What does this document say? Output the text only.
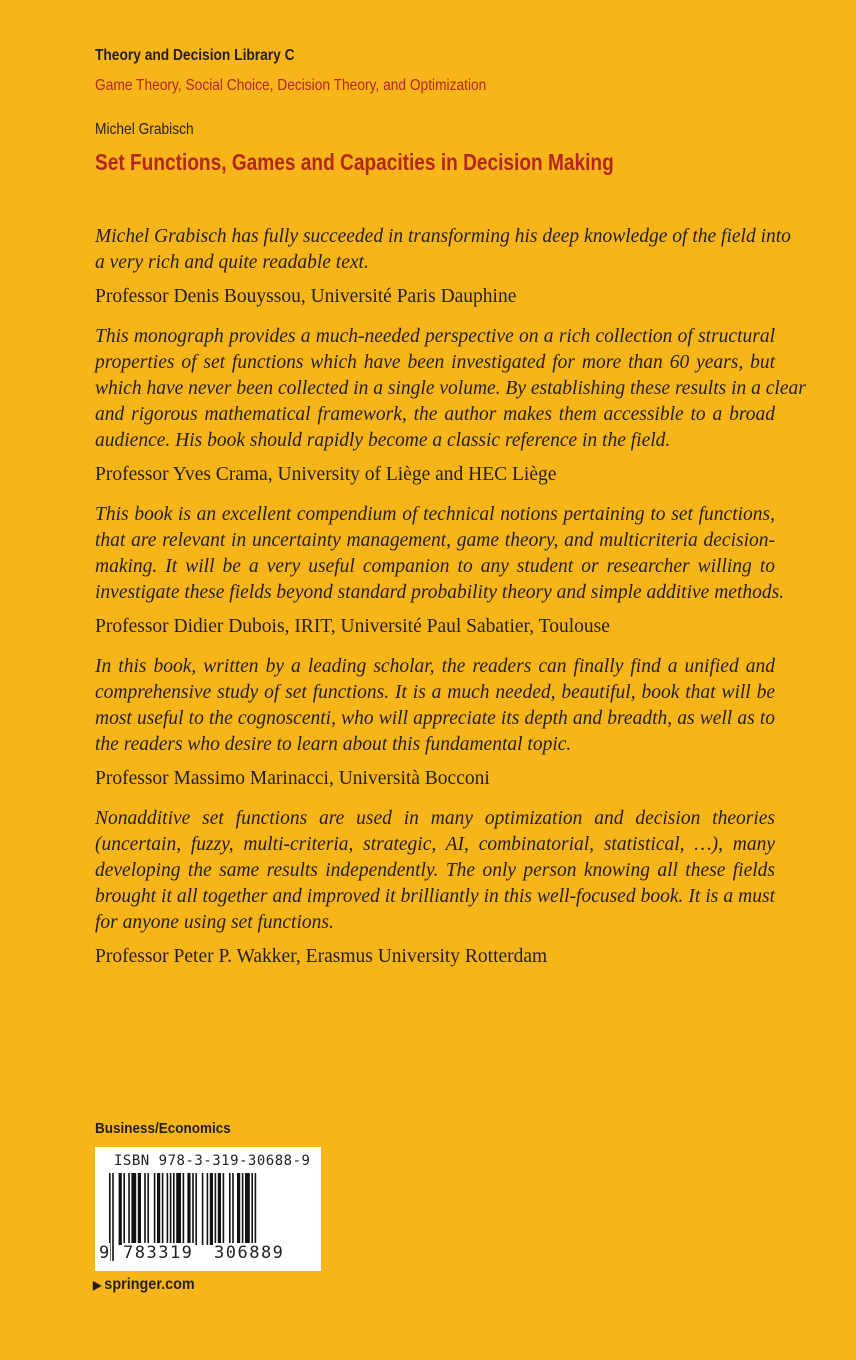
Theory and Decision Library C
Game Theory, Social Choice, Decision Theory, and Optimization
Michel Grabisch
Set Functions, Games and Capacities in Decision Making
Michel Grabisch has fully succeeded in transforming his deep knowledge of the field into
a very rich and quite readable text.
Professor Denis Bouyssou, Université Paris Dauphine
This monograph provides a much-needed perspective on a rich collection of structural
properties of set functions which have been investigated for more than 60 years, but
which have never been collected in a single volume. By establishing these results in a clear
and rigorous mathematical framework, the author makes them accessible to a broad
audience. His book should rapidly become a classic reference in the field.
Professor Yves Crama, University of Liège and HEC Liège
This book is an excellent compendium of technical notions pertaining to set functions,
that are relevant in uncertainty management, game theory, and multicriteria decision-
making. It will be a very useful companion to any student or researcher willing to
investigate these fields beyond standard probability theory and simple additive methods.
Professor Didier Dubois, IRIT, Université Paul Sabatier, Toulouse
In this book, written by a leading scholar, the readers can finally find a unified and
comprehensive study of set functions. It is a much needed, beautiful, book that will be
most useful to the cognoscenti, who will appreciate its depth and breadth, as well as to
the readers who desire to learn about this fundamental topic.
Professor Massimo Marinacci, Università Bocconi
Nonadditive set functions are used in many optimization and decision theories
(uncertain, fuzzy, multi-criteria, strategic, AI, combinatorial, statistical, …), many
developing the same results independently. The only person knowing all these fields
brought it all together and improved it brilliantly in this well-focused book. It is a must
for anyone using set functions.
Professor Peter P. Wakker, Erasmus University Rotterdam
Business/Economics
ISBN 978-3-319-30688-9
9 783319 306889
▶ springer.com
